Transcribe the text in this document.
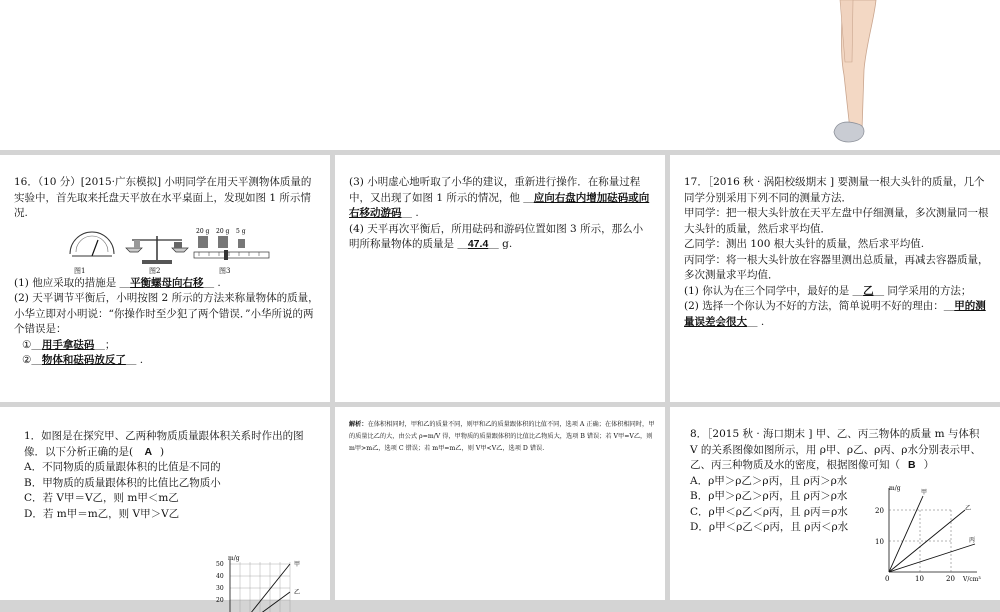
16．（10 分）[2015·广东模拟] 小明同学在用天平测物体质量的实验中，首先取来托盘天平放在水平桌面上，发现如图 1 所示情况.

图1	图2
20 g 20 g 5 g
图3

(1) 他应采取的措施是 ＿平衡螺母向右移＿ .

(2) 天平调节平衡后，小明按图 2 所示的方法来称量物体的质量，小华立即对小明说：“你操作时至少犯了两个错误．”小华所说的两个错误是：

①＿用手拿砝码＿；

②＿物体和砝码放反了＿ .

(3) 小明虚心地听取了小华的建议，重新进行操作．在称量过程中，又出现了如图 1 所示的情况，他 ＿应向右盘内增加砝码或向右移动游码＿ .

(4) 天平再次平衡后，所用砝码和游码位置如图 3 所示，那么小明所称量物体的质量是 ＿47.4＿ g.

17．［2016 秋 · 涡阳校级期末 ] 要测量一根大头针的质量，几个同学分别采用下列不同的测量方法．

甲同学：把一根大头针放在天平左盘中仔细测量，多次测量同一根大头针的质量，然后求平均值．

乙同学：测出 100 根大头针的质量，然后求平均值.

丙同学：将一根大头针放在容器里测出总质量，再减去容器质量，多次测量求平均值．

(1) 你认为在三个同学中，最好的是 ＿乙＿ 同学采用的方法；

(2) 选择一个你认为不好的方法，简单说明不好的理由：＿甲的测量误差会很大＿ .

1．如图是在探究甲、乙两种物质质量跟体积关系时作出的图像．以下分析正确的是( A )

A．不同物质的质量跟体积的比值是不同的

B．甲物质的质量跟体积的比值比乙物质小

C．若 V甲＝V乙，则 m甲＜m乙

D．若 m甲＝m乙，则 V甲＞V乙

m/g
50
40
30
20
甲
乙

解析：在体积相同时，甲和乙的质量不同，则甲和乙的质量跟体积的比值不同，选项 A 正确；在体积相同时，甲的质量比乙的大，由公式 ρ=m/V 得，甲物质的质量跟体积的比值比乙物质大，选项 B 错误；若 V甲=V乙，则 m甲>m乙，选项 C 错误；若 m甲=m乙，则 V甲<V乙，选项 D 错误.

8．［2015 秋 · 海口期末 ] 甲、乙、丙三物体的质量 m 与体积 V 的关系图像如图所示，用 ρ甲、ρ乙、ρ丙、ρ水分别表示甲、乙、丙三种物质及水的密度，根据图像可知（ B ）

A．ρ甲＞ρ乙＞ρ丙，且 ρ丙＞ρ水

B．ρ甲＞ρ乙＞ρ丙，且 ρ丙＞ρ水

C．ρ甲＜ρ乙＜ρ丙，且 ρ丙＝ρ水

D．ρ甲＜ρ乙＜ρ丙，且 ρ丙＜ρ水

m/g
甲
乙
丙
20
10
0	10	20 V/cm³
